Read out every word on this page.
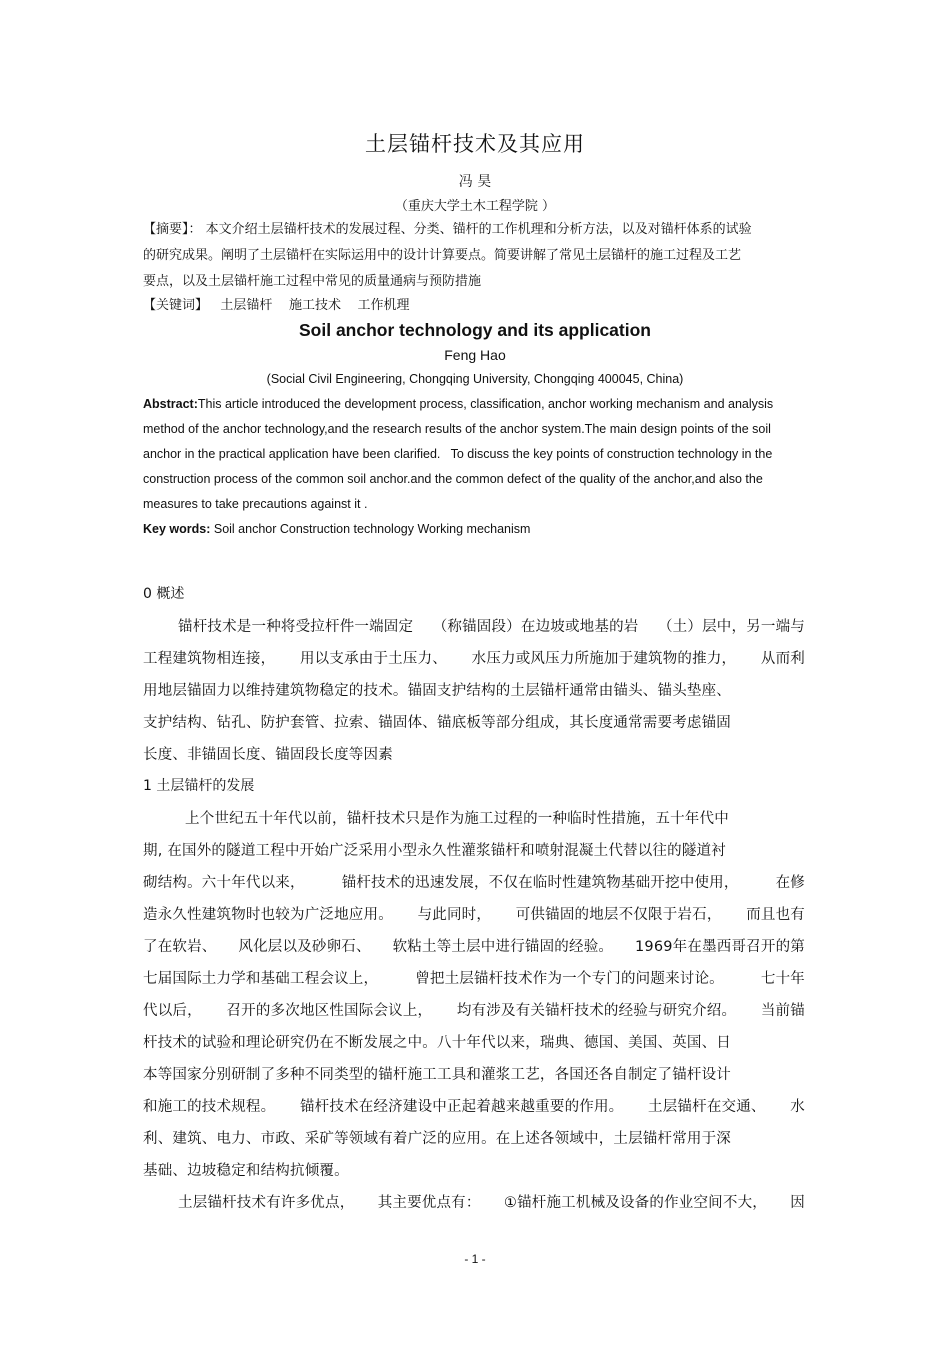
土层锚杆技术及其应用
冯 昊
（重庆大学土木工程学院 ）
【摘要】： 本文介绍土层锚杆技术的发展过程、分类、锚杆的工作机理和分析方法，以及对锚杆体系的试验
的研究成果。阐明了土层锚杆在实际运用中的设计计算要点。简要讲解了常见土层锚杆的施工过程及工艺
要点，以及土层锚杆施工过程中常见的质量通病与预防措施
【关键词】   土层锚杆    施工技术    工作机理
Soil anchor technology and its application
Feng Hao
(Social Civil Engineering, Chongqing University, Chongqing 400045, China)
Abstract:This article introduced the development process, classification, anchor working mechanism and analysis
method of the anchor technology,and the research results of the anchor system.The main design points of the soil
anchor in the practical application have been clarified.   To discuss the key points of construction technology in the
construction process of the common soil anchor.and the common defect of the quality of the anchor,and also the
measures to take precautions against it .
Key words: Soil anchor Construction technology Working mechanism
0 概述
锚杆技术是一种将受拉杆件一端固定 （称锚固段）在边坡或地基的岩 （土）层中，另一端与
工程建筑物相连接， 用以支承由于土压力、 水压力或风压力所施加于建筑物的推力， 从而利
用地层锚固力以维持建筑物稳定的技术。锚固支护结构的土层锚杆通常由锚头、锚头垫座、
支护结构、钻孔、防护套管、拉索、锚固体、锚底板等部分组成，其长度通常需要考虑锚固
长度、非锚固长度、锚固段长度等因素
1 土层锚杆的发展
上个世纪五十年代以前，锚杆技术只是作为施工过程的一种临时性措施，五十年代中
期, 在国外的隧道工程中开始广泛采用小型永久性灌浆锚杆和喷射混凝土代替以往的隧道衬
砌结构。六十年代以来，	锚杆技术的迅速发展，不仅在临时性建筑物基础开挖中使用，	在修
造永久性建筑物时也较为广泛地应用。 与此同时， 可供锚固的地层不仅限于岩石， 而且也有
了在软岩、 风化层以及砂卵石、 软粘土等土层中进行锚固的经验。 1969年在墨西哥召开的第
七届国际土力学和基础工程会议上，	曾把土层锚杆技术作为一个专门的问题来讨论。	七十年
代以后， 召开的多次地区性国际会议上， 均有涉及有关锚杆技术的经验与研究介绍。 当前锚
杆技术的试验和理论研究仍在不断发展之中。八十年代以来，瑞典、德国、美国、英国、日
本等国家分别研制了多种不同类型的锚杆施工工具和灌浆工艺，各国还各自制定了锚杆设计
和施工的技术规程。 锚杆技术在经济建设中正起着越来越重要的作用。 土层锚杆在交通、 水
利、建筑、电力、市政、采矿等领域有着广泛的应用。在上述各领域中，土层锚杆常用于深
基础、边坡稳定和结构抗倾覆。
土层锚杆技术有许多优点， 其主要优点有： ①锚杆施工机械及设备的作业空间不大， 因
- 1 -
